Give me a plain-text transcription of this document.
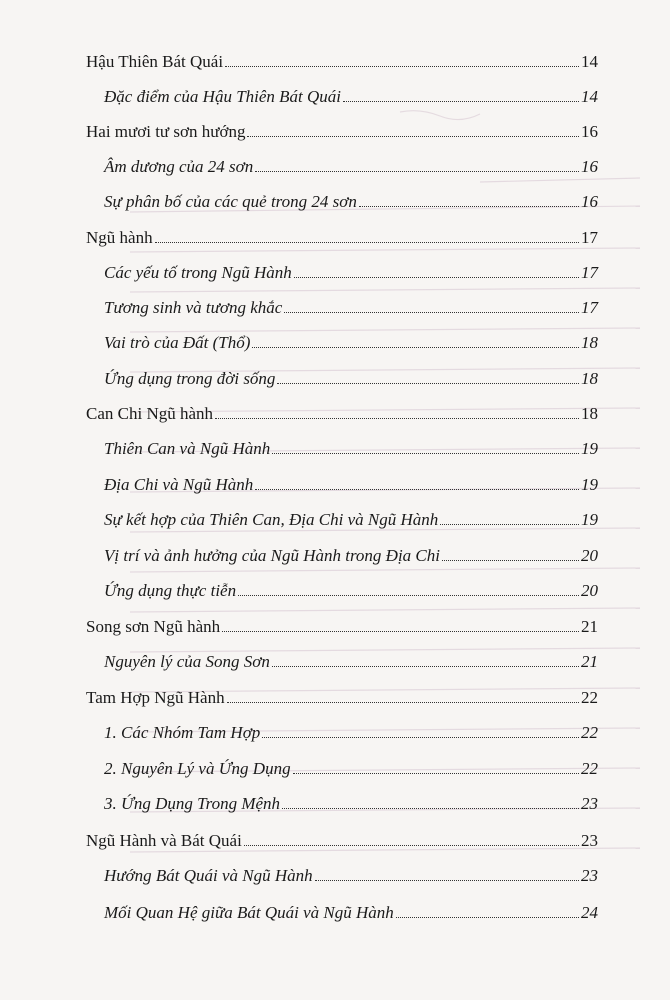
Hậu Thiên Bát Quái	14
Đặc điểm của Hậu Thiên Bát Quái	14
Hai mươi tư sơn hướng	16
Âm dương của 24 sơn	16
Sự phân bố của các quẻ trong 24 sơn	16
Ngũ hành	17
Các yếu tố trong Ngũ Hành	17
Tương sinh và tương khắc	17
Vai trò của Đất (Thổ)	18
Ứng dụng trong đời sống	18
Can Chi Ngũ hành	18
Thiên Can và Ngũ Hành	19
Địa Chi và Ngũ Hành	19
Sự kết hợp của Thiên Can, Địa Chi và Ngũ Hành	19
Vị trí và ảnh hưởng của Ngũ Hành trong Địa Chi	20
Ứng dụng thực tiễn	20
Song sơn Ngũ hành	21
Nguyên lý của Song Sơn	21
Tam Hợp Ngũ Hành	22
1. Các Nhóm Tam Hợp	22
2. Nguyên Lý và Ứng Dụng	22
3. Ứng Dụng Trong Mệnh	23
Ngũ Hành và Bát Quái	23
Hướng Bát Quái và Ngũ Hành	23
Mối Quan Hệ giữa Bát Quái và Ngũ Hành	24
